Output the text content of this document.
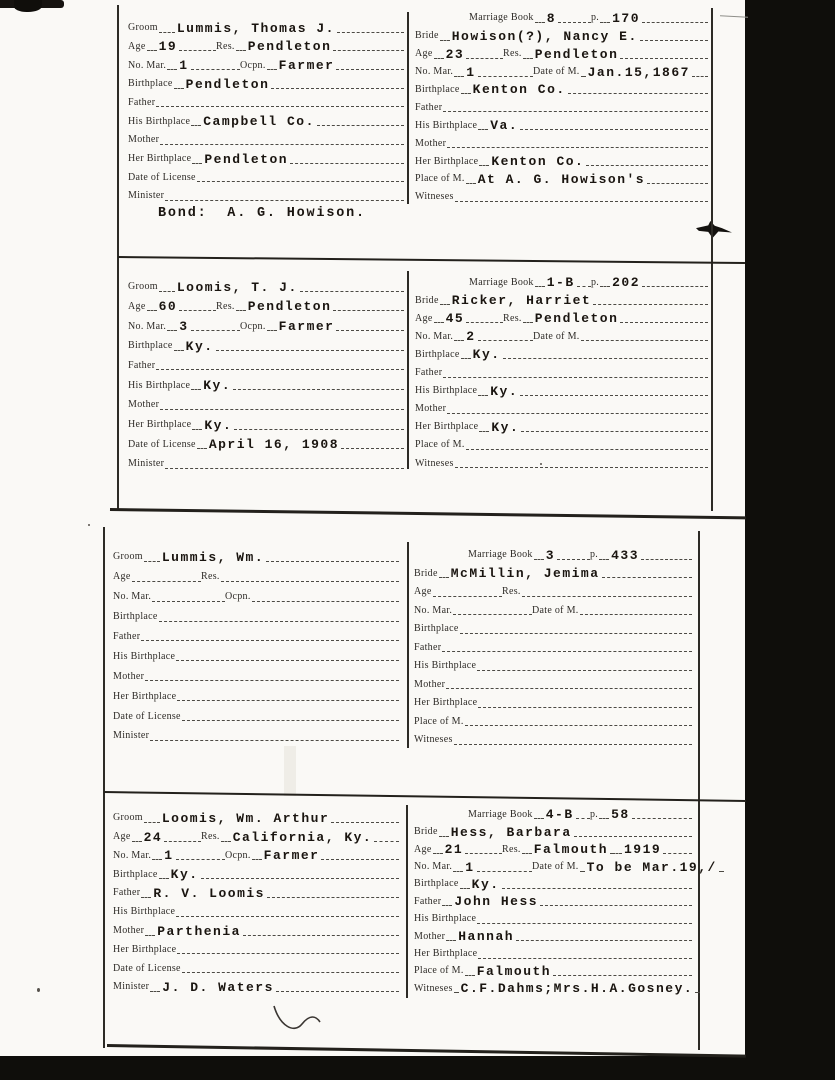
Groom Lummis, Thomas J.
Age 19	Res. Pendleton
No. Mar. 1	Ocpn. Farmer
Birthplace Pendleton
Father
His Birthplace Campbell Co.
Mother
Her Birthplace Pendleton
Date of License
Minister
Marriage Book 8	p. 170
Bride Howison(?), Nancy E.
Age 23	Res. Pendleton
No. Mar. 1	Date of M. Jan.15,1867
Birthplace Kenton Co.
Father
His Birthplace Va.
Mother
Her Birthplace Kenton Co.
Place of M. At A. G. Howison's
Witneses
Groom Loomis, T. J.
Age 60	Res. Pendleton
No. Mar. 3	Ocpn. Farmer
Birthplace Ky.
Father
His Birthplace Ky.
Mother
Her Birthplace Ky.
Date of License April 16, 1908
Minister
Marriage Book 1-B p. 202
Bride Ricker, Harriet
Age 45	Res. Pendleton
No. Mar. 2	Date of M.
Birthplace Ky.
Father
His Birthplace Ky.
Mother
Her Birthplace Ky.
Place of M.
Witneses
Groom Lummis, Wm.
Age	Res.
No. Mar.	Ocpn.
Birthplace
Father
His Birthplace
Mother
Her Birthplace
Date of License
Minister
Marriage Book 3	p. 433
Bride McMillin, Jemima
Age	Res.
No. Mar.	Date of M.
Birthplace
Father
His Birthplace
Mother
Her Birthplace
Place of M.
Witneses
Groom Loomis, Wm. Arthur
Age 24	Res. California, Ky.
No. Mar. 1	Ocpn. Farmer
Birthplace Ky.
Father R. V. Loomis
His Birthplace
Mother Parthenia
Her Birthplace
Date of License
Minister J. D. Waters
Marriage Book 4-B p. 58
Bride Hess, Barbara
Age 21	Res. Falmouth 1919
No. Mar. 1	Date of M. To be Mar.19,/
Birthplace Ky.
Father John Hess
His Birthplace
Mother Hannah
Her Birthplace
Place of M. Falmouth
Witneses C.F.Dahms;Mrs.H.A.Gosney.
Bond:  A. G. Howison.
